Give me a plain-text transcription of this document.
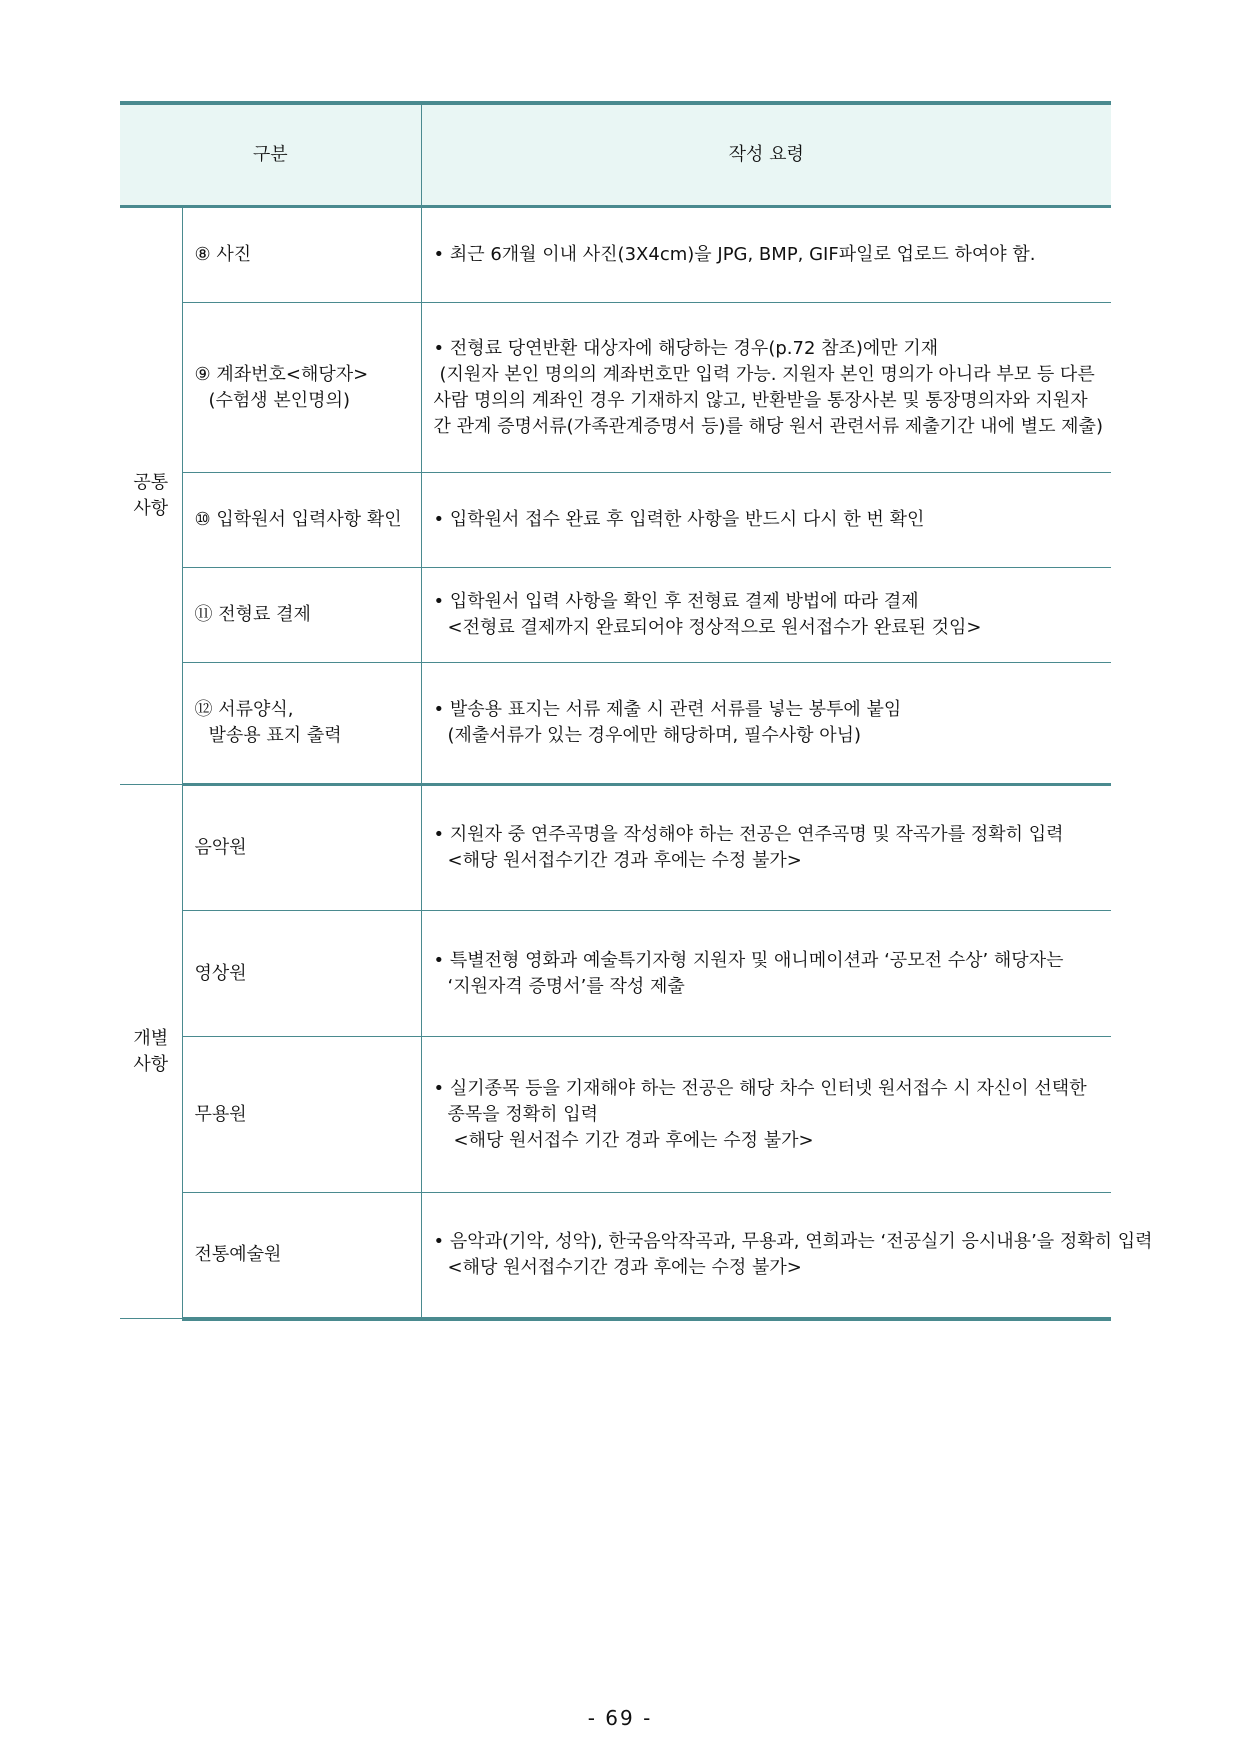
구분		작성 요령

공통
사항	⑧ 사진	• 최근 6개월 이내 사진(3X4cm)을 JPG, BMP, GIF파일로 업로드 하여야 함.

	⑨ 계좌번호<해당자>
(수험생 본인명의)	• 전형료 당연반환 대상자에 해당하는 경우(p.72 참조)에만 기재
(지원자 본인 명의의 계좌번호만 입력 가능. 지원자 본인 명의가 아니라 부모 등 다른
사람 명의의 계좌인 경우 기재하지 않고, 반환받을 통장사본 및 통장명의자와 지원자
간 관계 증명서류(가족관계증명서 등)를 해당 원서 관련서류 제출기간 내에 별도 제출)

	⑩ 입학원서 입력사항 확인	• 입학원서 접수 완료 후 입력한 사항을 반드시 다시 한 번 확인

	⑪ 전형료 결제	• 입학원서 입력 사항을 확인 후 전형료 결제 방법에 따라 결제
<전형료 결제까지 완료되어야 정상적으로 원서접수가 완료된 것임>

	⑫ 서류양식,
발송용 표지 출력	• 발송용 표지는 서류 제출 시 관련 서류를 넣는 봉투에 붙임
(제출서류가 있는 경우에만 해당하며, 필수사항 아님)

개별
사항	음악원	• 지원자 중 연주곡명을 작성해야 하는 전공은 연주곡명 및 작곡가를 정확히 입력
<해당 원서접수기간 경과 후에는 수정 불가>

	영상원	• 특별전형 영화과 예술특기자형 지원자 및 애니메이션과 ‘공모전 수상’ 해당자는
‘지원자격 증명서’를 작성 제출

	무용원	• 실기종목 등을 기재해야 하는 전공은 해당 차수 인터넷 원서접수 시 자신이 선택한
종목을 정확히 입력
<해당 원서접수 기간 경과 후에는 수정 불가>

	전통예술원	• 음악과(기악, 성악), 한국음악작곡과, 무용과, 연희과는 ‘전공실기 응시내용’을 정확히 입력
<해당 원서접수기간 경과 후에는 수정 불가>
- 69 -
